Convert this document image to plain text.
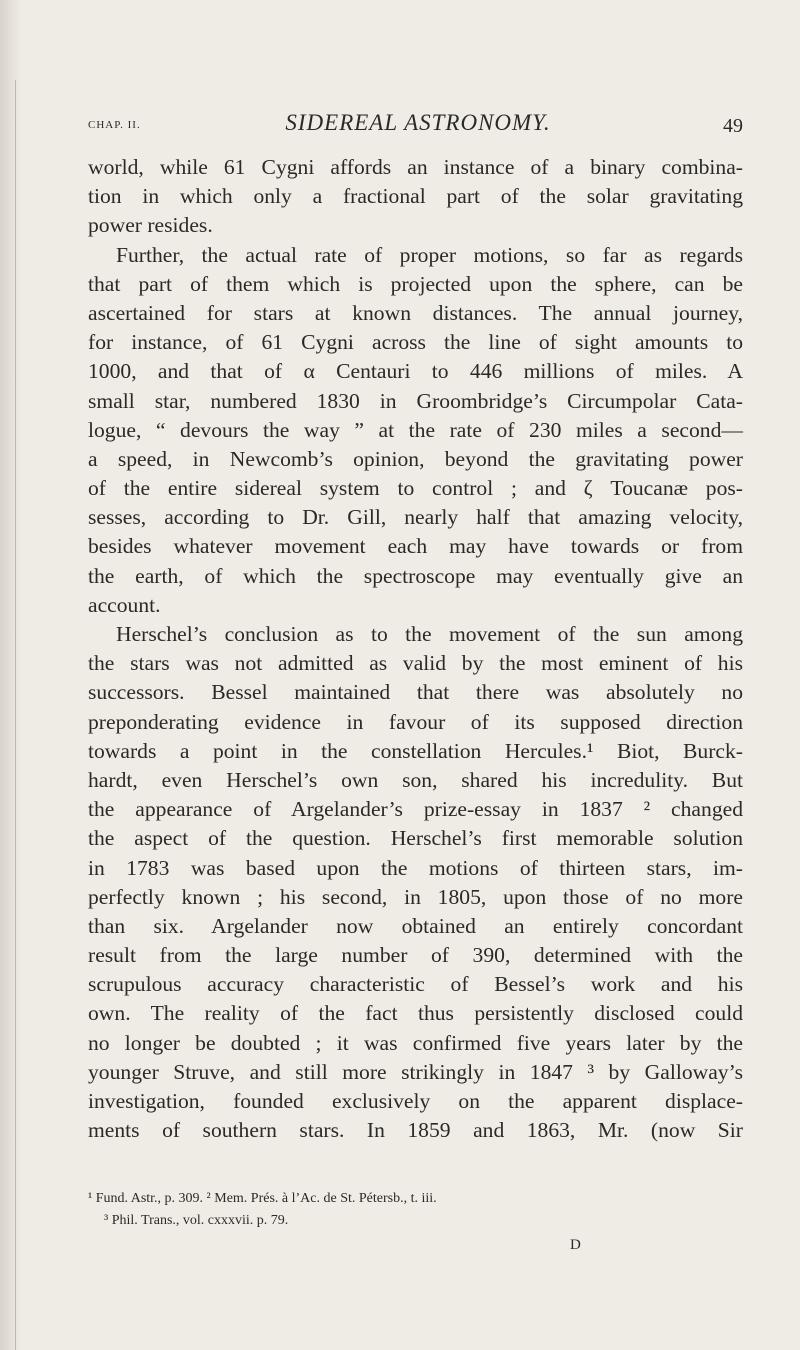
CHAP. II.	SIDEREAL ASTRONOMY.	49
world, while 61 Cygni affords an instance of a binary combina-
tion in which only a fractional part of the solar gravitating
power resides.
Further, the actual rate of proper motions, so far as regards
that part of them which is projected upon the sphere, can be
ascertained for stars at known distances. The annual journey,
for instance, of 61 Cygni across the line of sight amounts to
1000, and that of α Centauri to 446 millions of miles. A
small star, numbered 1830 in Groombridge’s Circumpolar Cata-
logue, “ devours the way ” at the rate of 230 miles a second—
a speed, in Newcomb’s opinion, beyond the gravitating power
of the entire sidereal system to control ; and ζ Toucanæ pos-
sesses, according to Dr. Gill, nearly half that amazing velocity,
besides whatever movement each may have towards or from
the earth, of which the spectroscope may eventually give an
account.
Herschel’s conclusion as to the movement of the sun among
the stars was not admitted as valid by the most eminent of his
successors. Bessel maintained that there was absolutely no
preponderating evidence in favour of its supposed direction
towards a point in the constellation Hercules.¹ Biot, Burck-
hardt, even Herschel’s own son, shared his incredulity. But
the appearance of Argelander’s prize-essay in 1837 ² changed
the aspect of the question. Herschel’s first memorable solution
in 1783 was based upon the motions of thirteen stars, im-
perfectly known ; his second, in 1805, upon those of no more
than six. Argelander now obtained an entirely concordant
result from the large number of 390, determined with the
scrupulous accuracy characteristic of Bessel’s work and his
own. The reality of the fact thus persistently disclosed could
no longer be doubted ; it was confirmed five years later by the
younger Struve, and still more strikingly in 1847 ³ by Galloway’s
investigation, founded exclusively on the apparent displace-
ments of southern stars. In 1859 and 1863, Mr. (now Sir
¹ Fund. Astr., p. 309. ² Mem. Prés. à l’Ac. de St. Pétersb., t. iii.
³ Phil. Trans., vol. cxxxvii. p. 79.
D
